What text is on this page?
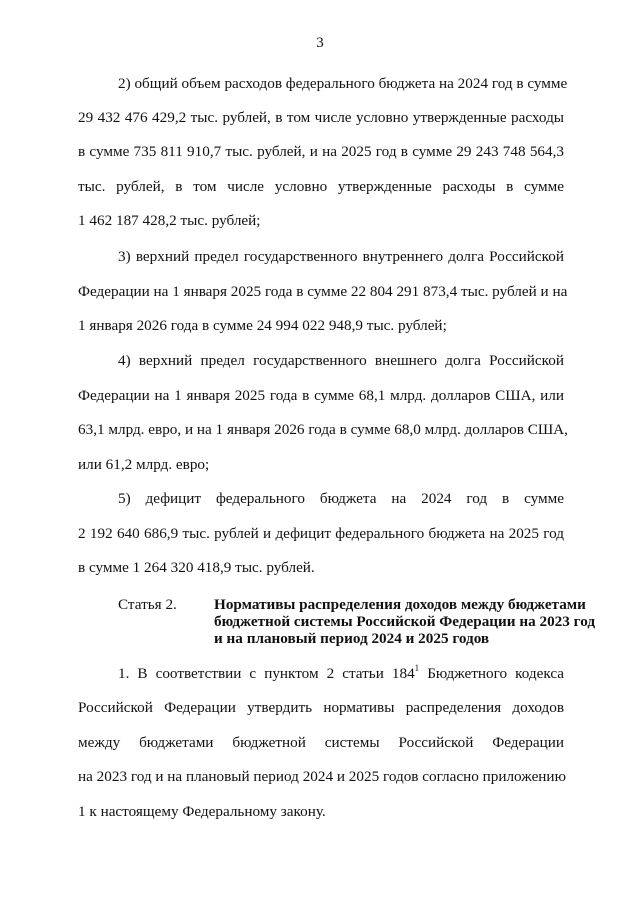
3
2) общий объем расходов федерального бюджета на 2024 год в сумме
29 432 476 429,2 тыс. рублей, в том числе условно утвержденные расходы
в сумме 735 811 910,7 тыс. рублей, и на 2025 год в сумме 29 243 748 564,3
тыс. рублей, в том числе условно утвержденные расходы в сумме
1 462 187 428,2 тыс. рублей;
3) верхний предел государственного внутреннего долга Российской
Федерации на 1 января 2025 года в сумме 22 804 291 873,4 тыс. рублей и на
1 января 2026 года в сумме 24 994 022 948,9 тыс. рублей;
4) верхний предел государственного внешнего долга Российской
Федерации на 1 января 2025 года в сумме 68,1 млрд. долларов США, или
63,1 млрд. евро, и на 1 января 2026 года в сумме 68,0 млрд. долларов США,
или 61,2 млрд. евро;
5) дефицит федерального бюджета на 2024 год в сумме
2 192 640 686,9 тыс. рублей и дефицит федерального бюджета на 2025 год
в сумме 1 264 320 418,9 тыс. рублей.
Статья 2. Нормативы распределения доходов между бюджетами
бюджетной системы Российской Федерации на 2023 год
и на плановый период 2024 и 2025 годов
1. В соответствии с пунктом 2 статьи $184^1$ Бюджетного кодекса
Российской Федерации утвердить нормативы распределения доходов
между бюджетами бюджетной системы Российской Федерации
на 2023 год и на плановый период 2024 и 2025 годов согласно приложению
1 к настоящему Федеральному закону.
